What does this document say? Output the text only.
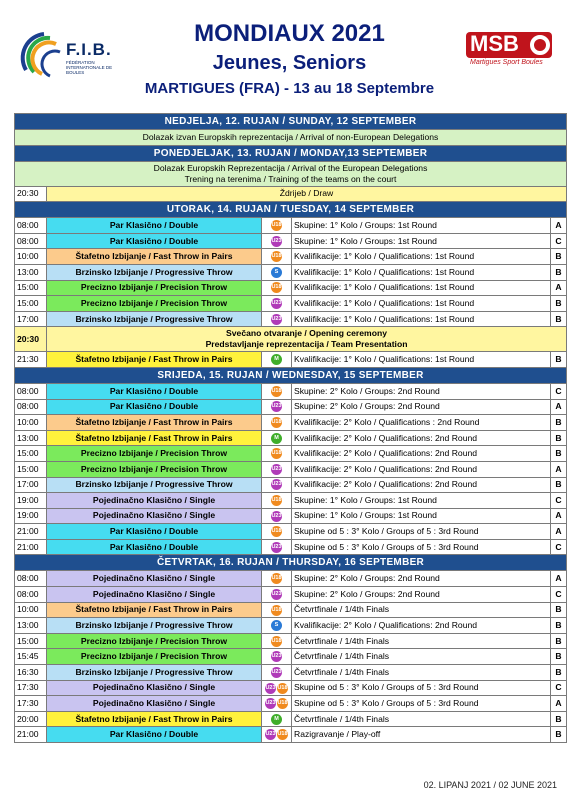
F.I.B.
FÉDÉRATION INTERNATIONALE DE BOULES
MONDIAUX 2021
Jeunes, Seniors
MARTIGUES (FRA) - 13 au 18 Septembre
MSB
Martigues Sport Boules
NEDJELJA, 12. RUJAN / SUNDAY, 12 SEPTEMBER				
Dolazak izvan Europskih reprezentacija / Arrival of non-European Delegations				
PONEDJELJAK, 13. RUJAN / MONDAY,13 SEPTEMBER				

Dolazak Europskih Reprezentacija / Arrival of the European Delegations
Trening na terenima / Training of the teams on the court				

20:30	Ždrijeb / Draw			
UTORAK, 14. RUJAN / TUESDAY, 14 SEPTEMBER				
08:00	Par Klasično / Double	U18	Skupine: 1° Kolo / Groups: 1st Round	A
08:00	Par Klasično / Double	U23	Skupine: 1° Kolo / Groups: 1st Round	C
10:00	Štafetno Izbijanje / Fast Throw in Pairs	U18	Kvalifikacije: 1° Kolo / Qualifications: 1st Round	B
13:00	Brzinsko Izbijanje / Progressive Throw	S	Kvalifikacije: 1° Kolo / Qualifications: 1st Round	B
15:00	Precizno Izbijanje / Precision Throw	U18	Kvalifikacije: 1° Kolo / Qualifications: 1st Round	A
15:00	Precizno Izbijanje / Precision Throw	U23	Kvalifikacije: 1° Kolo / Qualifications: 1st Round	B
17:00	Brzinsko Izbijanje / Progressive Throw	U23	Kvalifikacije: 1° Kolo / Qualifications: 1st Round	B
20:30	Svečano otvaranje / Opening ceremony
Predstavljanje reprezentacija / Team Presentation			

21:30	Štafetno Izbijanje / Fast Throw in Pairs	M	Kvalifikacije: 1° Kolo / Qualifications: 1st Round	B
SRIJEDA, 15. RUJAN / WEDNESDAY, 15 SEPTEMBER				
08:00	Par Klasično / Double	U18	Skupine: 2° Kolo / Groups: 2nd Round	C
08:00	Par Klasično / Double	U23	Skupine: 2° Kolo / Groups: 2nd Round	A
10:00	Štafetno Izbijanje / Fast Throw in Pairs	U18	Kvalifikacije: 2° Kolo / Qualifications : 2nd Round	B
13:00	Štafetno Izbijanje / Fast Throw in Pairs	M	Kvalifikacije: 2° Kolo / Qualifications: 2nd Round	B
15:00	Precizno Izbijanje / Precision Throw	U18	Kvalifikacije: 2° Kolo / Qualifications: 2nd Round	B
15:00	Precizno Izbijanje / Precision Throw	U23	Kvalifikacije: 2° Kolo / Qualifications: 2nd Round	A
17:00	Brzinsko Izbijanje / Progressive Throw	U23	Kvalifikacije: 2° Kolo / Qualifications: 2nd Round	B
19:00	Pojedinačno Klasično / Single	U18	Skupine: 1° Kolo / Groups: 1st Round	C
19:00	Pojedinačno Klasično / Single	U23	Skupine: 1° Kolo / Groups: 1st Round	A
21:00	Par Klasično / Double	U18	Skupine od 5 : 3° Kolo / Groups of 5 : 3rd Round	A
21:00	Par Klasično / Double	U23	Skupine od 5 : 3° Kolo / Groups of 5 : 3rd Round	C
ČETVRTAK, 16. RUJAN / THURSDAY, 16 SEPTEMBER				
08:00	Pojedinačno Klasično / Single	U18	Skupine: 2° Kolo / Groups: 2nd Round	A
08:00	Pojedinačno Klasično / Single	U23	Skupine: 2° Kolo / Groups: 2nd Round	C
10:00	Štafetno Izbijanje / Fast Throw in Pairs	U18	Četvrtfinale / 1/4th Finals	B
13:00	Brzinsko Izbijanje / Progressive Throw	S	Kvalifikacije: 2° Kolo / Qualifications: 2nd Round	B
15:00	Precizno Izbijanje / Precision Throw	U18	Četvrtfinale / 1/4th Finals	B
15:45	Precizno Izbijanje / Precision Throw	U23	Četvrtfinale / 1/4th Finals	B
16:30	Brzinsko Izbijanje / Progressive Throw	U23	Četvrtfinale / 1/4th Finals	B
17:30	Pojedinačno Klasično / Single	U23 U18	Skupine od 5 : 3° Kolo / Groups of 5 : 3rd Round	C
17:30	Pojedinačno Klasično / Single	U23 U18	Skupine od 5 : 3° Kolo / Groups of 5 : 3rd Round	A
20:00	Štafetno Izbijanje / Fast Throw in Pairs	M	Četvrtfinale / 1/4th Finals	B
21:00	Par Klasično / Double	U23 U18	Razigravanje / Play-off	B
02. LIPANJ 2021 / 02 JUNE 2021
